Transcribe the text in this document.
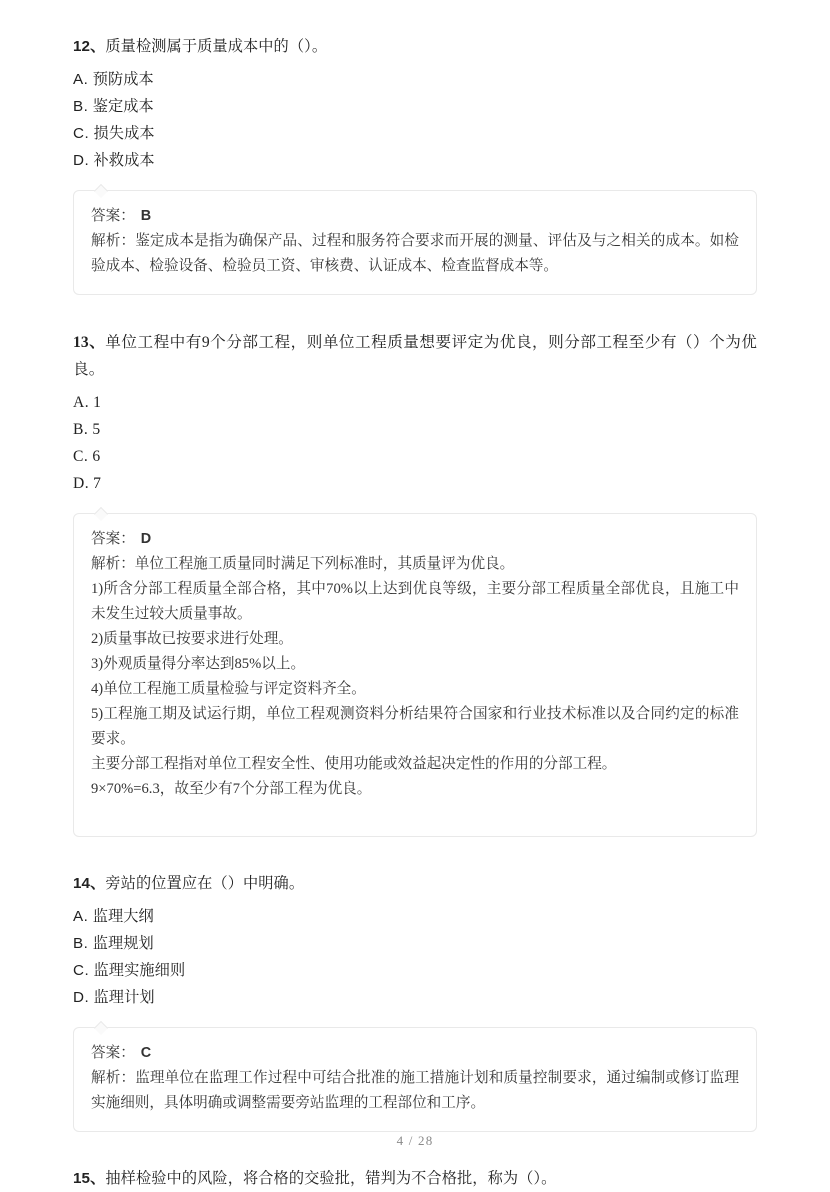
12、质量检测属于质量成本中的（）。

A. 预防成本

B. 鉴定成本

C. 损失成本

D. 补救成本

答案： B

解析：鉴定成本是指为确保产品、过程和服务符合要求而开展的测量、评估及与之相关的成本。如检验成本、检验设备、检验员工资、审核费、认证成本、检查监督成本等。

13、单位工程中有9个分部工程，则单位工程质量想要评定为优良，则分部工程至少有（）个为优良。

A. 1

B. 5

C. 6

D. 7

答案： D

解析：单位工程施工质量同时满足下列标准时，其质量评为优良。

1)所含分部工程质量全部合格，其中70%以上达到优良等级，主要分部工程质量全部优良，且施工中未发生过较大质量事故。

2)质量事故已按要求进行处理。

3)外观质量得分率达到85%以上。

4)单位工程施工质量检验与评定资料齐全。

5)工程施工期及试运行期，单位工程观测资料分析结果符合国家和行业技术标准以及合同约定的标准要求。

主要分部工程指对单位工程安全性、使用功能或效益起决定性的作用的分部工程。

9×70%=6.3，故至少有7个分部工程为优良。

14、旁站的位置应在（）中明确。

A. 监理大纲

B. 监理规划

C. 监理实施细则

D. 监理计划

答案： C

解析：监理单位在监理工作过程中可结合批准的施工措施计划和质量控制要求，通过编制或修订监理实施细则，具体明确或调整需要旁站监理的工程部位和工序。

15、抽样检验中的风险，将合格的交验批，错判为不合格批，称为（）。

4 / 28
